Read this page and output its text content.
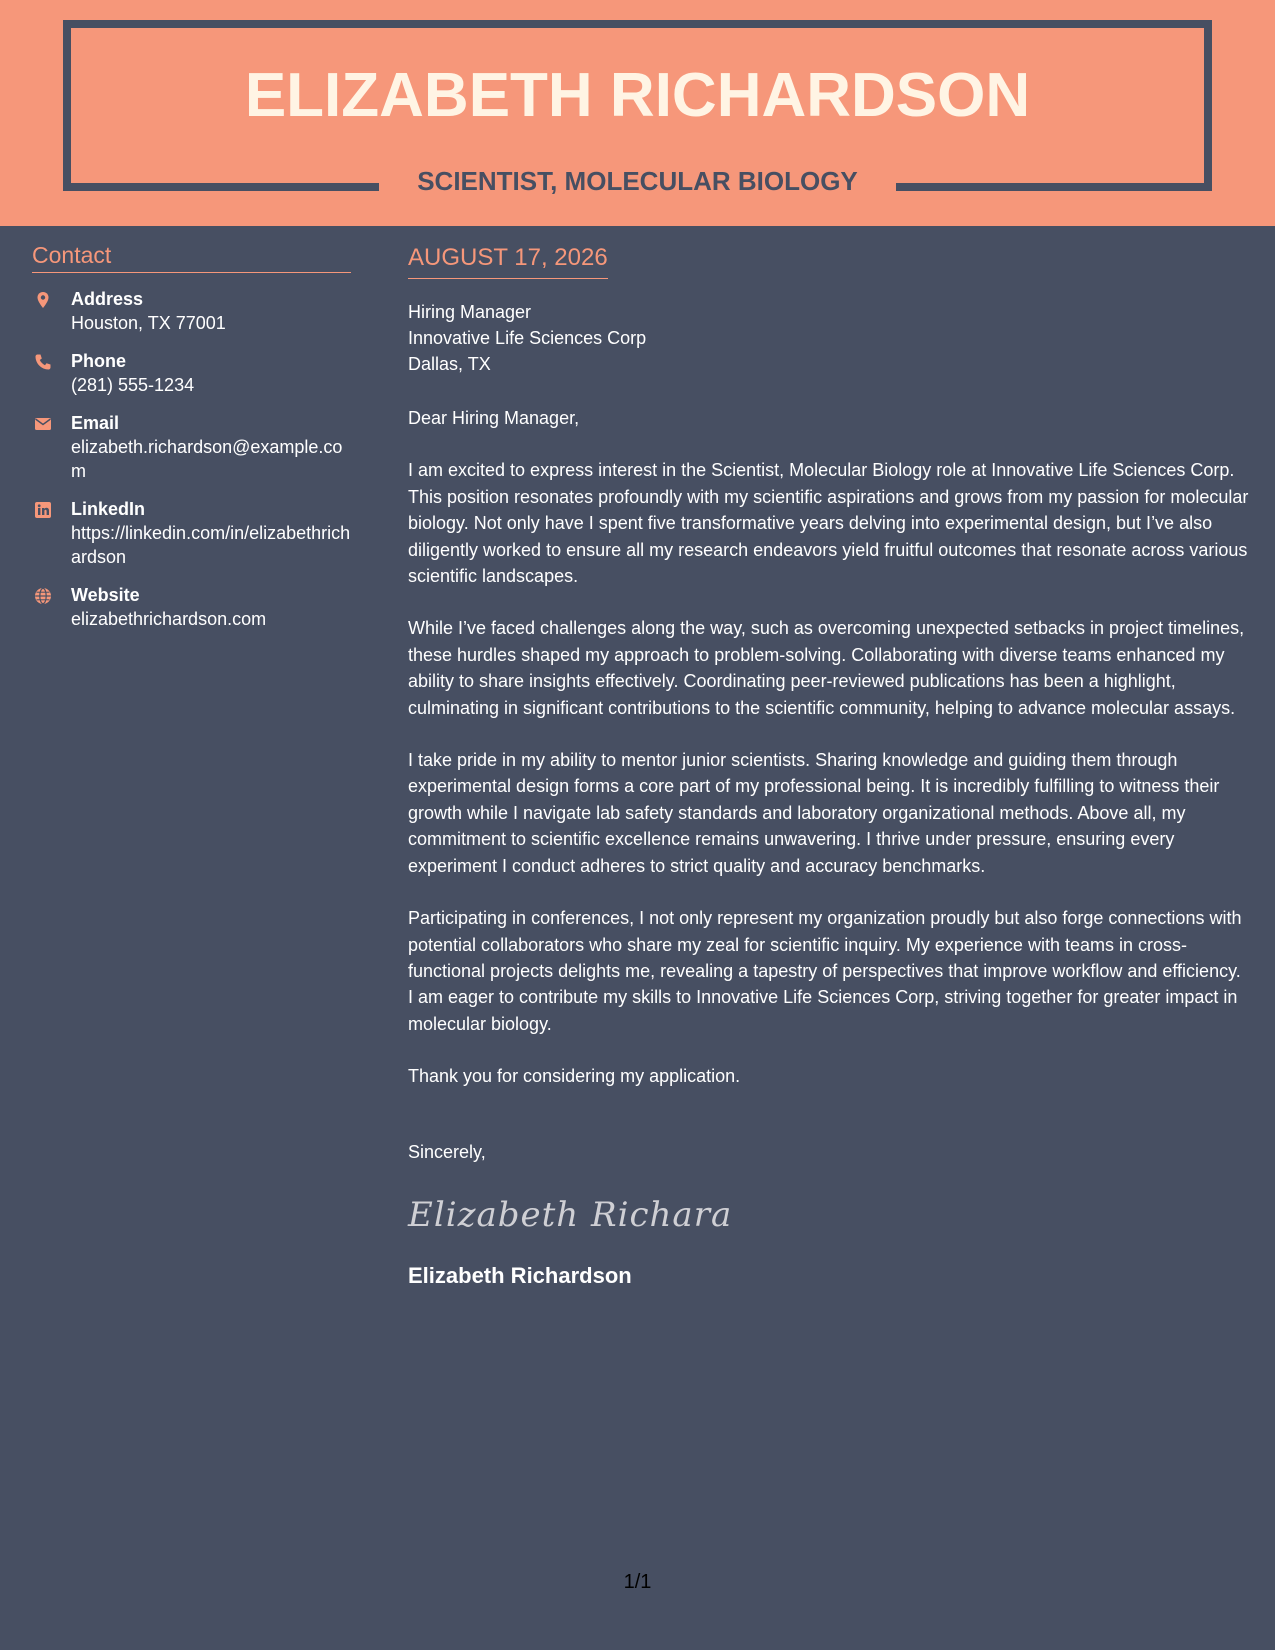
ELIZABETH RICHARDSON
SCIENTIST, MOLECULAR BIOLOGY
Contact
Address
Houston, TX 77001
Phone
(281) 555-1234
Email
elizabeth.richardson@example.com
LinkedIn
https://linkedin.com/in/elizabethrichardson
Website
elizabethrichardson.com
AUGUST 17, 2026
Hiring Manager
Innovative Life Sciences Corp
Dallas, TX
Dear Hiring Manager,
I am excited to express interest in the Scientist, Molecular Biology role at Innovative Life Sciences Corp. This position resonates profoundly with my scientific aspirations and grows from my passion for molecular biology. Not only have I spent five transformative years delving into experimental design, but I’ve also diligently worked to ensure all my research endeavors yield fruitful outcomes that resonate across various scientific landscapes.
While I’ve faced challenges along the way, such as overcoming unexpected setbacks in project timelines, these hurdles shaped my approach to problem-solving. Collaborating with diverse teams enhanced my ability to share insights effectively. Coordinating peer-reviewed publications has been a highlight, culminating in significant contributions to the scientific community, helping to advance molecular assays.
I take pride in my ability to mentor junior scientists. Sharing knowledge and guiding them through experimental design forms a core part of my professional being. It is incredibly fulfilling to witness their growth while I navigate lab safety standards and laboratory organizational methods. Above all, my commitment to scientific excellence remains unwavering. I thrive under pressure, ensuring every experiment I conduct adheres to strict quality and accuracy benchmarks.
Participating in conferences, I not only represent my organization proudly but also forge connections with potential collaborators who share my zeal for scientific inquiry. My experience with teams in cross-functional projects delights me, revealing a tapestry of perspectives that improve workflow and efficiency. I am eager to contribute my skills to Innovative Life Sciences Corp, striving together for greater impact in molecular biology.
Thank you for considering my application.
Sincerely,
Elizabeth Richara
Elizabeth Richardson
1/1
